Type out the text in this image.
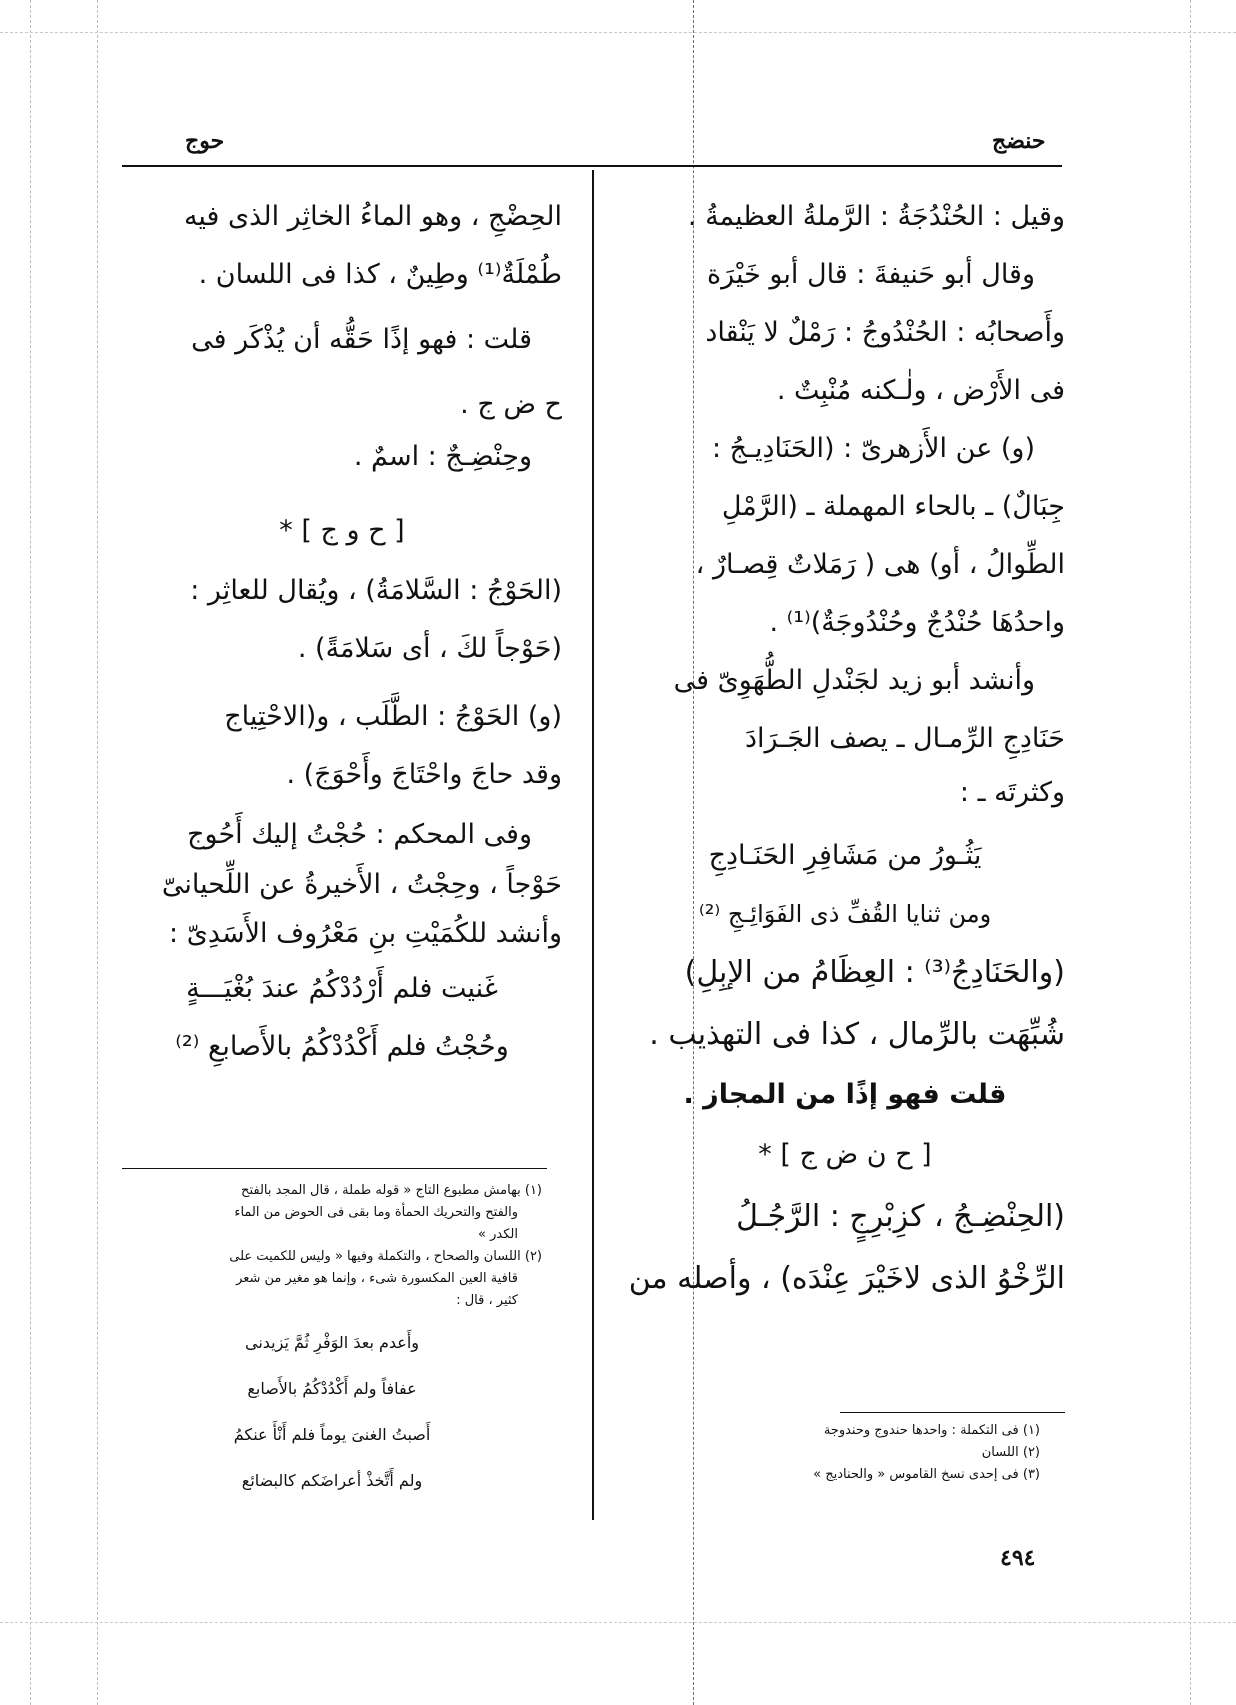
حنضج
حوج

وقيل : الحُنْدُجَةُ : الرَّملةُ العظيمةُ .

وقال أبو حَنيفةَ : قال أبو خَيْرَة

وأَصحابُه : الحُنْدُوجُ : رَمْلٌ لا يَنْقاد

فى الأَرْض ، ولٰـكنه مُنْبِتٌ .

(و) عن الأَزهرىّ : (الحَنَادِيـجُ :

جِبَالٌ) ـ بالحاء المهملة ـ (الرَّمْلِ

الطِّوالُ ، أو) هى ( رَمَلاتٌ قِصـارٌ ،

واحدُهَا حُنْدُجٌ وحُنْدُوجَةٌ)⁽¹⁾ .

وأنشد أبو زيد لجَنْدلِ الطُّهَوِىّ فى

حَنَادِجِ الرِّمـال ـ يصف الجَـرَادَ

وكثرتَه ـ :

يَثُـورُ من مَشَافِرِ الحَنَـادِجِ

ومن ثنايا القُفِّ ذى الفَوَائِـجِ ⁽²⁾

(والحَنَادِجُ⁽³⁾ : العِظَامُ من الإبِلِ)

شُبِّهَت بالرِّمال ، كذا فى التهذيب .

قلت فهو إذًا من المجاز .

[ ح ن ض ج ] *

(الحِنْضِـجُ ، كزِبْرِجٍ : الرَّجُـلُ

الرِّخْوُ الذى لاخَيْرَ عِنْدَه) ، وأصله من

(١) فى التكملة : واحدها حندوج وحندوجة

(٢) اللسان

(٣) فى إحدى نسخ القاموس « والحناديج »

الحِضْجِ ، وهو الماءُ الخاثِر الذى فيه

طُمْلَةٌ⁽¹⁾ وطِينٌ ، كذا فى اللسان .

قلت : فهو إذًا حَقُّه أن يُذْكَر فى

ح ض ج .

وحِنْضِـجٌ : اسمٌ .

[ ح و ج ] *

(الحَوْجُ : السَّلامَةُ) ، ويُقال للعاثِر :

(حَوْجاً لكَ ، أى سَلامَةً) .

(و) الحَوْجُ : الطَّلَب ، و(الاحْتِياج

وقد حاجَ واحْتَاجَ وأَحْوَجَ) .

وفى المحكم : حُجْتُ إليك أَحُوج

حَوْجاً ، وحِجْتُ ، الأَخيرةُ عن اللِّحيانىّ

وأنشد للكُمَيْتِ بنِ مَعْرُوف الأَسَدِىّ :

غَنيت فلم أَرْدُدْكُمُ عندَ بُغْيَـــةٍ

وحُجْتُ فلم أَكْدُدْكُمُ بالأَصابعِ ⁽²⁾

(١) بهامش مطبوع التاج « قوله طملة ، قال المجد بالفتح

والفتح والتحريك الحمأة وما بقى فى الحوض من الماء

الكدر »

(٢) اللسان والصحاح ، والتكملة وفيها « وليس للكميت على

قافية العين المكسورة شىء ، وإنما هو مغير من شعر

كثير ، قال :

وأَعدم بعدَ الوَفْرِ ثُمَّ يَزيدنى

عفافاً ولم أَكْدُدْكُمُ بالأَصابع

أَصبتُ الغنىَ يوماً فلم أَنْأَ عنكمُ

ولم أَتَّخذْ أعراضَكم كالبضائع

٤٩٤
